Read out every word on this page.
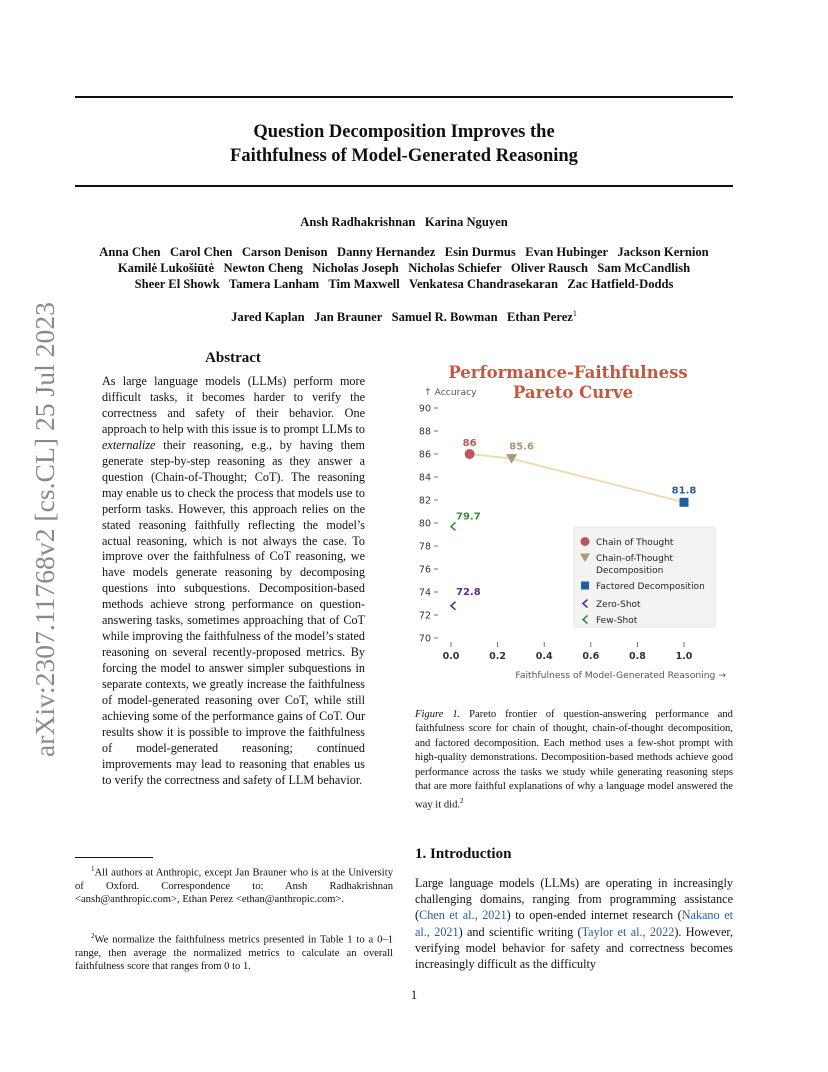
Question Decomposition Improves the
Faithfulness of Model-Generated Reasoning
Ansh Radhakrishnan   Karina Nguyen
Anna Chen   Carol Chen   Carson Denison   Danny Hernandez   Esin Durmus   Evan Hubinger   Jackson Kernion
Kamilė Lukošiūtė   Newton Cheng   Nicholas Joseph   Nicholas Schiefer   Oliver Rausch   Sam McCandlish
Sheer El Showk   Tamera Lanham   Tim Maxwell   Venkatesa Chandrasekaran   Zac Hatfield-Dodds
Jared Kaplan   Jan Brauner   Samuel R. Bowman   Ethan Perez$^1$
arXiv:2307.11768v2 [cs.CL] 25 Jul 2023	Abstract
As large language models (LLMs) perform more difficult tasks, it becomes harder to verify the correctness and safety of their behavior. One approach to help with this issue is to prompt LLMs to externalize their reasoning, e.g., by having them generate step-by-step reasoning as they answer a question (Chain-of-Thought; CoT). The reasoning may enable us to check the process that models use to perform tasks. However, this approach relies on the stated reasoning faithfully reflecting the model’s actual reasoning, which is not always the case. To improve over the faithfulness of CoT reasoning, we have models generate reasoning by decomposing questions into subquestions. Decomposition-based methods achieve strong performance on question-answering tasks, sometimes approaching that of CoT while improving the faithfulness of the model’s stated reasoning on several recently-proposed metrics. By forcing the model to answer simpler subquestions in separate contexts, we greatly increase the faithfulness of model-generated reasoning over CoT, while still achieving some of the performance gains of CoT. Our results show it is possible to improve the faithfulness of model-generated reasoning; continued improvements may lead to reasoning that enables us to verify the correctness and safety of LLM behavior.
$^1$All authors at Anthropic, except Jan Brauner who is at the University of Oxford. Correspondence to: Ansh Radhakrishnan <ansh@anthropic.com>, Ethan Perez <ethan@anthropic.com>.
$^2$We normalize the faithfulness metrics presented in Table 1 to a 0–1 range, then average the normalized metrics to calculate an overall faithfulness score that ranges from 0 to 1.
Performance-Faithfulness
Pareto Curve
↑ Accuracy
Faithfulness of Model-Generated Reasoning →
70
72
74
76
78
80
82
84
86
88
90
0.0	0.2	0.4	0.6	0.8	1.0
86	85.6
81.8
72.8
79.7
Chain of Thought
Chain-of-Thought
Decomposition
Factored Decomposition
Zero-Shot
Few-Shot
Figure 1. Pareto frontier of question-answering performance and faithfulness score for chain of thought, chain-of-thought decomposition, and factored decomposition. Each method uses a few-shot prompt with high-quality demonstrations. Decomposition-based methods achieve good performance across the tasks we study while generating reasoning steps that are more faithful explanations of why a language model answered the way it did.$^2$
1. Introduction
Large language models (LLMs) are operating in increasingly challenging domains, ranging from programming assistance (Chen et al., 2021) to open-ended internet research (Nakano et al., 2021) and scientific writing (Taylor et al., 2022). However, verifying model behavior for safety and correctness becomes increasingly difficult as the difficulty
1
